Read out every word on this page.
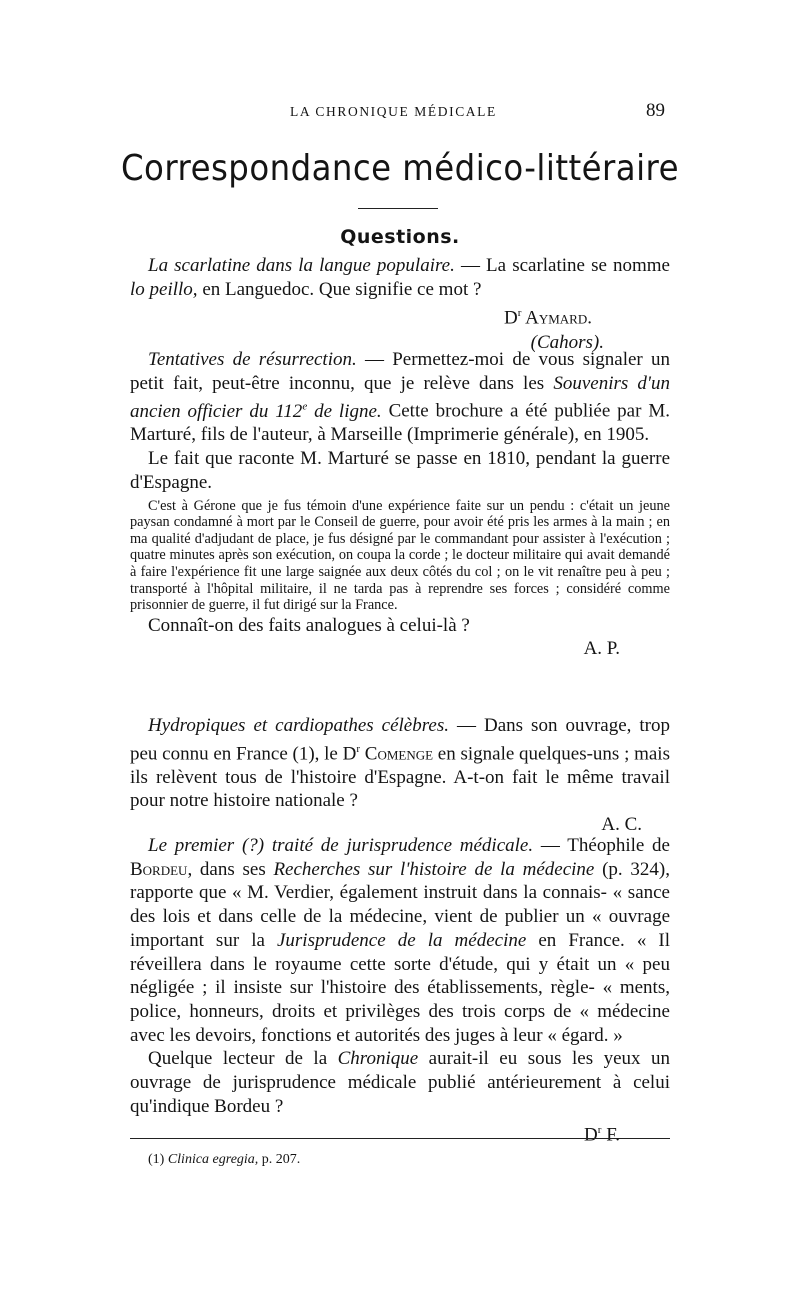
LA CHRONIQUE MÉDICALE	89
Correspondance médico-littéraire
Questions.

La scarlatine dans la langue populaire. — La scarlatine se nomme lo peillo, en Languedoc. Que signifie ce mot ?

$D^r$ Aymard.

(Cahors).

Tentatives de résurrection. — Permettez-moi de vous signaler un petit fait, peut-être inconnu, que je relève dans les Souvenirs d'un ancien officier du 112e de ligne. Cette brochure a été publiée par M. Marturé, fils de l'auteur, à Marseille (Imprimerie générale), en 1905.

Le fait que raconte M. Marturé se passe en 1810, pendant la guerre d'Espagne.

C'est à Gérone que je fus témoin d'une expérience faite sur un pendu : c'était un jeune paysan condamné à mort par le Conseil de guerre, pour avoir été pris les armes à la main ; en ma qualité d'adjudant de place, je fus désigné par le commandant pour assister à l'exécution ; quatre minutes après son exécution, on coupa la corde ; le docteur militaire qui avait demandé à faire l'expérience fit une large saignée aux deux côtés du col ; on le vit renaître peu à peu ; transporté à l'hôpital militaire, il ne tarda pas à reprendre ses forces ; considéré comme prisonnier de guerre, il fut dirigé sur la France.

Connaît-on des faits analogues à celui-là ?

A. P.

Hydropiques et cardiopathes célèbres. — Dans son ouvrage, trop peu connu en France (1), le $D^r$ Comenge en signale quelques-uns ; mais ils relèvent tous de l'histoire d'Espagne. A-t-on fait le même travail pour notre histoire nationale ?

A. C.

Le premier (?) traité de jurisprudence médicale. — Théophile de Bordeu, dans ses Recherches sur l'histoire de la médecine (p. 324), rapporte que « M. Verdier, également instruit dans la connais- « sance des lois et dans celle de la médecine, vient de publier un « ouvrage important sur la Jurisprudence de la médecine en France. « Il réveillera dans le royaume cette sorte d'étude, qui y était un « peu négligée ; il insiste sur l'histoire des établissements, règle- « ments, police, honneurs, droits et privilèges des trois corps de « médecine avec les devoirs, fonctions et autorités des juges à leur « égard. »

Quelque lecteur de la Chronique aurait-il eu sous les yeux un ouvrage de jurisprudence médicale publié antérieurement à celui qu'indique Bordeu ?

$D^r$ F.

(1) Clinica egregia, p. 207.
